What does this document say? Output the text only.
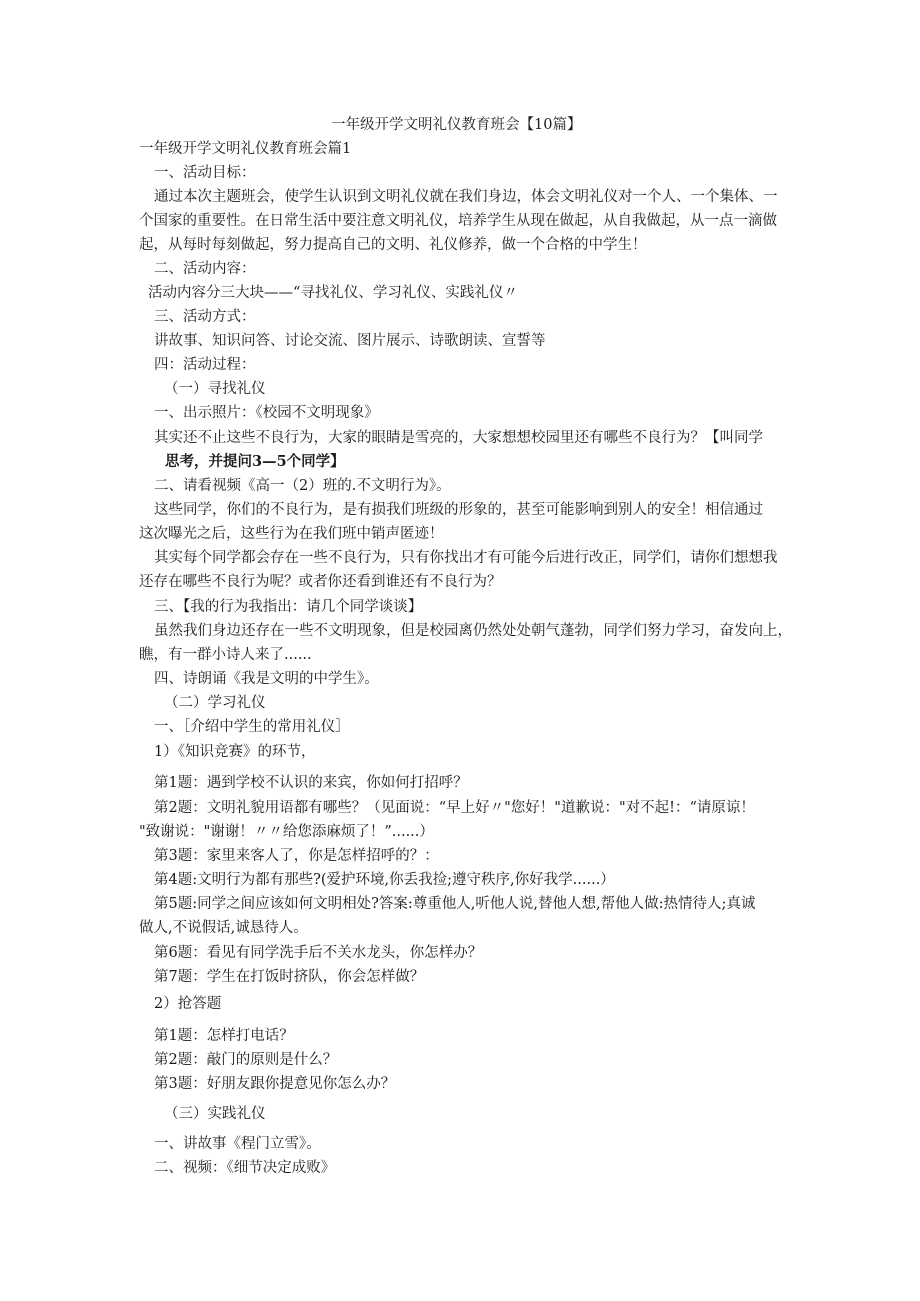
一年级开学文明礼仪教育班会【10篇】
一年级开学文明礼仪教育班会篇1
一、活动目标：
通过本次主题班会，使学生认识到文明礼仪就在我们身边，体会文明礼仪对一个人、一个集体、一
个国家的重要性。在日常生活中要注意文明礼仪，培养学生从现在做起，从自我做起，从一点一滴做
起，从每时每刻做起，努力提高自己的文明、礼仪修养，做一个合格的中学生！
二、活动内容：
活动内容分三大块——“寻找礼仪、学习礼仪、实践礼仪〃
三、活动方式：
讲故事、知识问答、讨论交流、图片展示、诗歌朗读、宣誓等
四：活动过程：
（一）寻找礼仪
一、出示照片：《校园不文明现象》
其实还不止这些不良行为，大家的眼睛是雪亮的，大家想想校园里还有哪些不良行为？【叫同学
思考，并提问3—5个同学】
二、请看视频《高一（2）班的.不文明行为》。
这些同学，你们的不良行为，是有损我们班级的形象的，甚至可能影响到别人的安全！相信通过
这次曝光之后，这些行为在我们班中销声匿迹！
其实每个同学都会存在一些不良行为，只有你找出才有可能今后进行改正，同学们，请你们想想我
还存在哪些不良行为呢？或者你还看到谁还有不良行为？
三、【我的行为我指出：请几个同学谈谈】
虽然我们身边还存在一些不文明现象，但是校园离仍然处处朝气蓬勃，同学们努力学习，奋发向上，
瞧，有一群小诗人来了......
四、诗朗诵《我是文明的中学生》。
（二）学习礼仪
一、［介绍中学生的常用礼仪］
1）《知识竞赛》的环节，
第1题：遇到学校不认识的来宾，你如何打招呼？
第2题：文明礼貌用语都有哪些？（见面说：“早上好〃"您好！"道歉说："对不起!：“请原谅！
"致谢说："谢谢！〃〃给您添麻烦了！”......）
第3题：家里来客人了，你是怎样招呼的？：
第4题:文明行为都有那些?(爱护环境,你丢我捡;遵守秩序,你好我学......）
第5题:同学之间应该如何文明相处?答案:尊重他人,听他人说,替他人想,帮他人做:热情待人;真诚
做人,不说假话,诚恳待人。
第6题：看见有同学洗手后不关水龙头，你怎样办？
第7题：学生在打饭时挤队，你会怎样做？
2）抢答题
第1题：怎样打电话？
第2题：敲门的原则是什么？
第3题：好朋友跟你提意见你怎么办？
（三）实践礼仪
一、讲故事《程门立雪》。
二、视频：《细节决定成败》
